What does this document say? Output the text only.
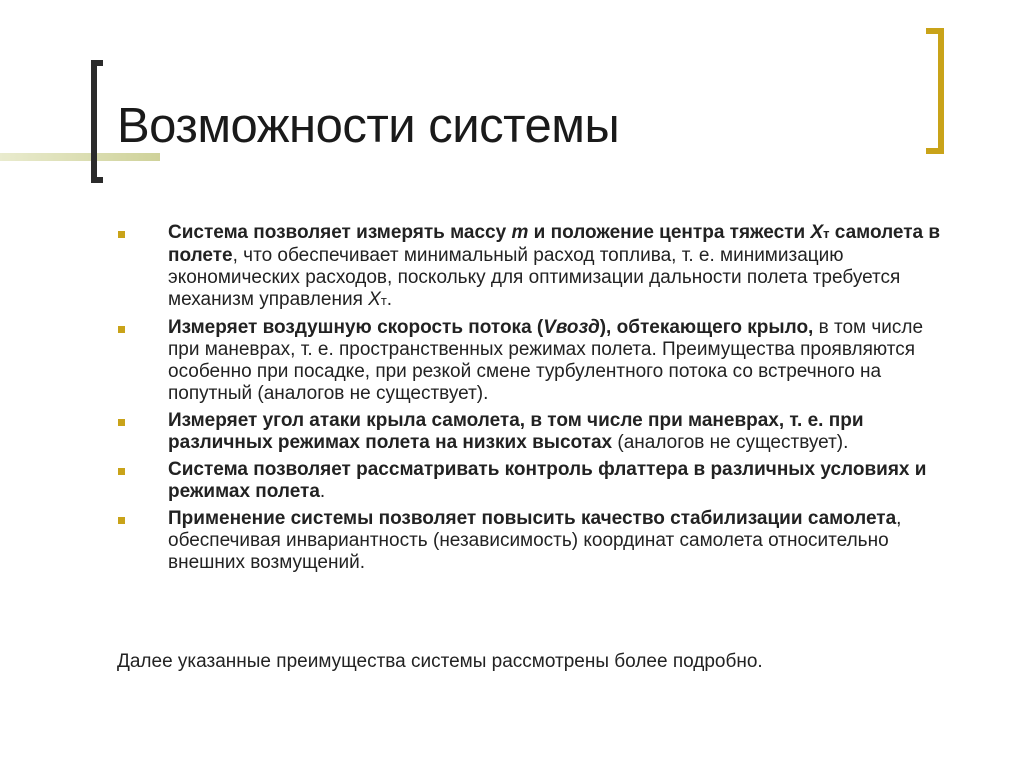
Возможности системы
Система позволяет измерять массу m и положение центра тяжести Xт самолета в полете, что обеспечивает минимальный расход топлива, т. е. минимизацию экономических расходов, поскольку для оптимизации дальности полета требуется механизм управления Xт.
Измеряет воздушную скорость потока (Vвозд), обтекающего крыло, в том числе при маневрах, т. е. пространственных режимах полета. Преимущества проявляются особенно при посадке, при резкой смене турбулентного потока со встречного на попутный (аналогов не существует).
Измеряет угол атаки крыла самолета, в том числе при маневрах, т. е. при различных режимах полета на низких высотах (аналогов не существует).
Система позволяет рассматривать контроль флаттера в различных условиях и режимах полета.
Применение системы позволяет повысить качество стабилизации самолета, обеспечивая инвариантность (независимость) координат самолета относительно внешних возмущений.

Далее указанные преимущества системы рассмотрены более подробно.
